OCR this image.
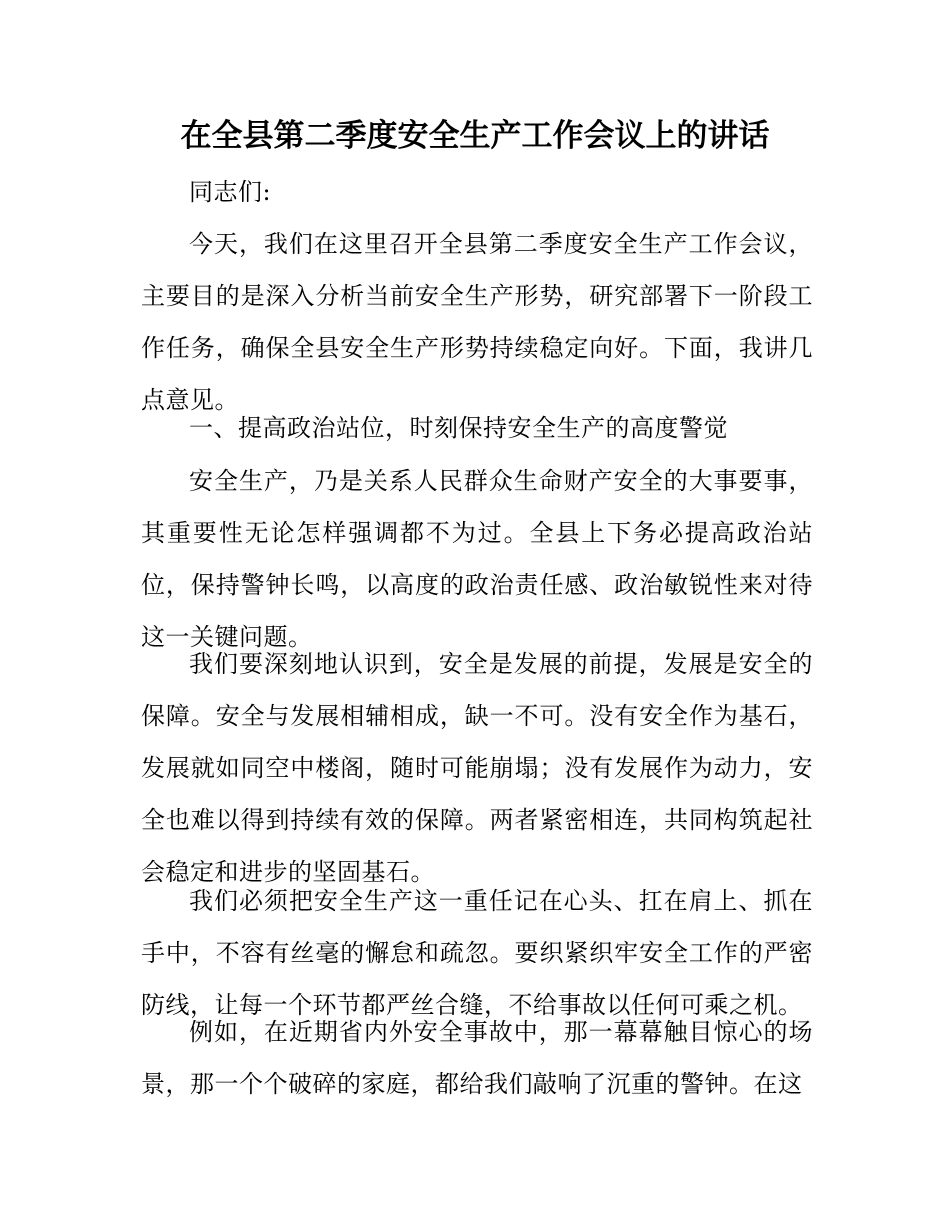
在全县第二季度安全生产工作会议上的讲话

同志们:

今天，我们在这里召开全县第二季度安全生产工作会议，主要目的是深入分析当前安全生产形势，研究部署下一阶段工作任务，确保全县安全生产形势持续稳定向好。下面，我讲几点意见。

一、提高政治站位，时刻保持安全生产的高度警觉

安全生产，乃是关系人民群众生命财产安全的大事要事，其重要性无论怎样强调都不为过。全县上下务必提高政治站位，保持警钟长鸣，以高度的政治责任感、政治敏锐性来对待这一关键问题。

我们要深刻地认识到，安全是发展的前提，发展是安全的保障。安全与发展相辅相成，缺一不可。没有安全作为基石，发展就如同空中楼阁，随时可能崩塌；没有发展作为动力，安全也难以得到持续有效的保障。两者紧密相连，共同构筑起社会稳定和进步的坚固基石。

我们必须把安全生产这一重任记在心头、扛在肩上、抓在手中，不容有丝毫的懈怠和疏忽。要织紧织牢安全工作的严密防线，让每一个环节都严丝合缝，不给事故以任何可乘之机。

例如，在近期省内外安全事故中，那一幕幕触目惊心的场景，那一个个破碎的家庭，都给我们敲响了沉重的警钟。在这
